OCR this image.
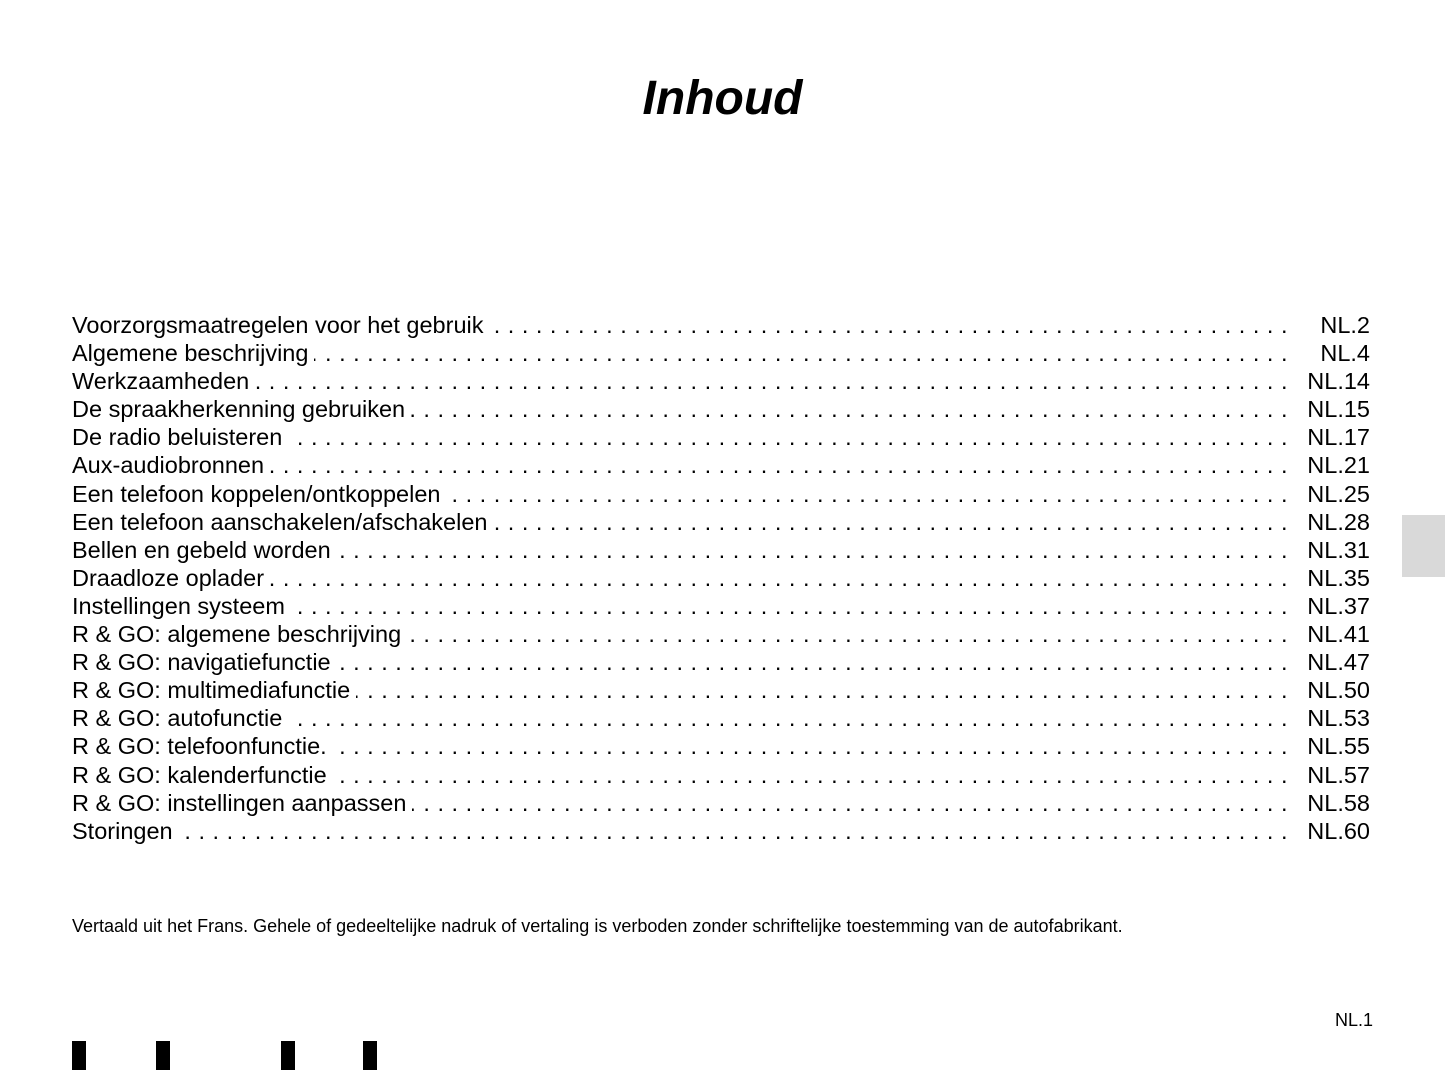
Inhoud
Voorzorgsmaatregelen voor het gebruik . . .	NL.2
Algemene beschrijving . . .	NL.4
Werkzaamheden . . .	NL.14
De spraakherkenning gebruiken . . .	NL.15
De radio beluisteren . . .	NL.17
Aux-audiobronnen . . .	NL.21
Een telefoon koppelen/ontkoppelen . . .	NL.25
Een telefoon aanschakelen/afschakelen . . .	NL.28
Bellen en gebeld worden . . .	NL.31
Draadloze oplader . . .	NL.35
Instellingen systeem . . .	NL.37
R & GO: algemene beschrijving . . .	NL.41
R & GO: navigatiefunctie . . .	NL.47
R & GO: multimediafunctie . . .	NL.50
R & GO: autofunctie . . .	NL.53
R & GO: telefoonfunctie. . . .	NL.55
R & GO: kalenderfunctie . . .	NL.57
R & GO: instellingen aanpassen . . .	NL.58
Storingen . . .	NL.60
Vertaald uit het Frans. Gehele of gedeeltelijke nadruk of vertaling is verboden zonder schriftelijke toestemming van de autofabrikant.
NL.1
